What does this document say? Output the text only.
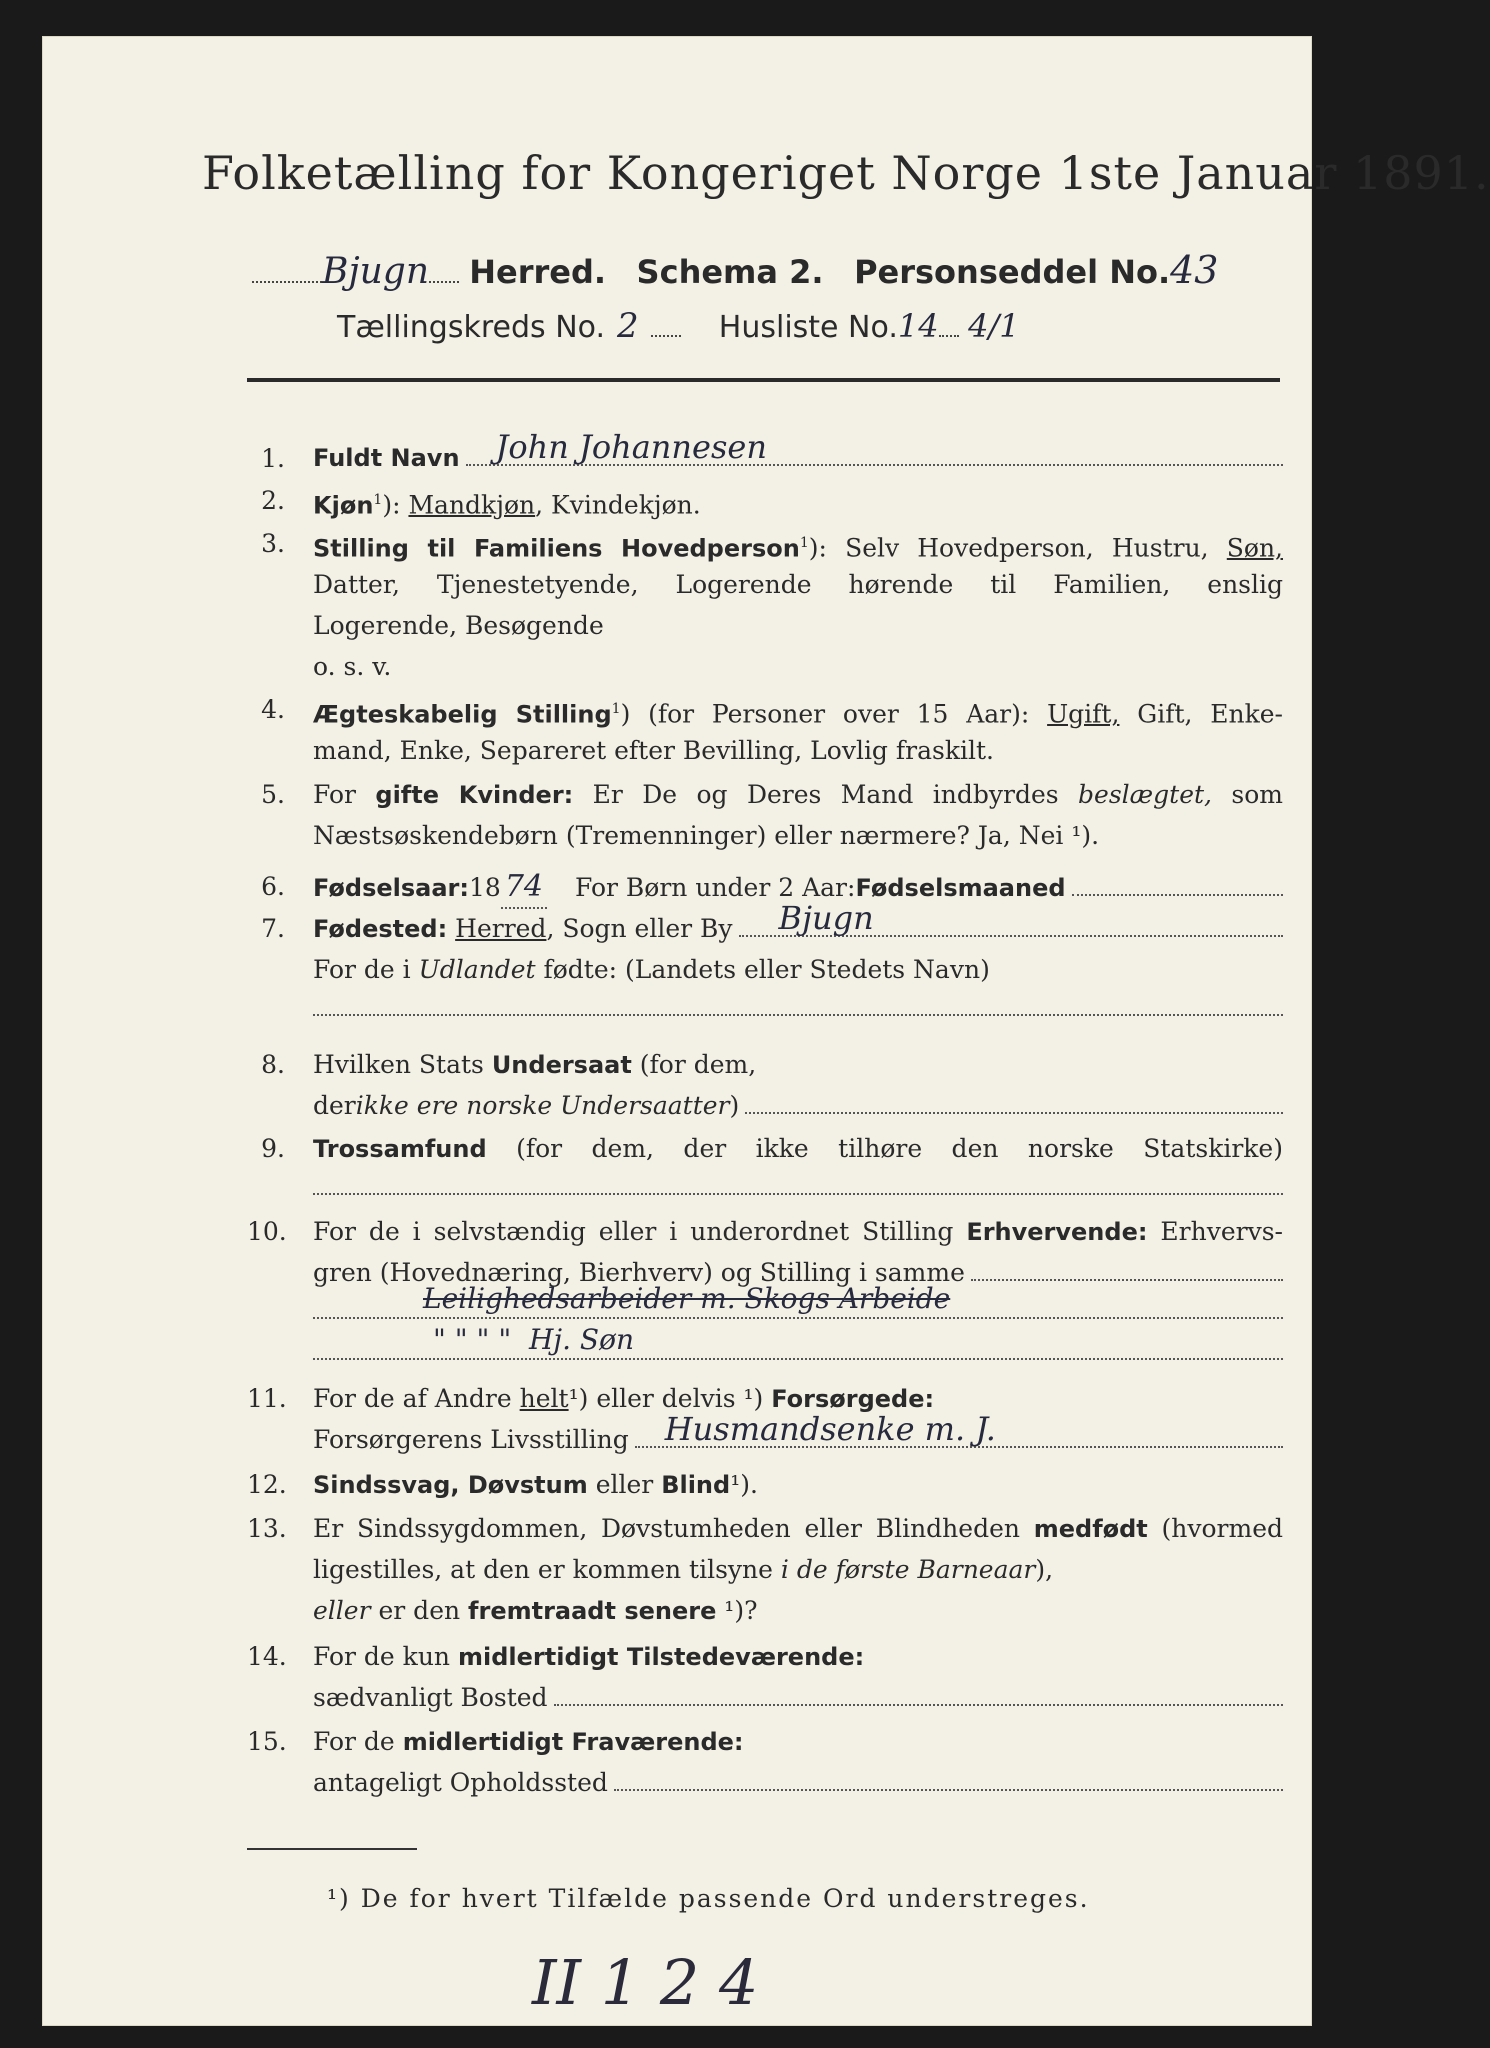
Folketælling for Kongeriget Norge 1ste Januar 1891.
Bjugn Herred. Schema 2. Personseddel No.43
Tællingskreds No. 2	Husliste No.14 4/1
1. Fuldt Navn John Johannesen
2. Kjøn$^1$): Mandkjøn, Kvindekjøn.
3. Stilling til Familiens Hovedperson$^1$): Selv Hovedperson, Hustru, Søn,
Datter, Tjenestetyende, Logerende hørende til Familien, enslig
Logerende, Besøgende
o. s. v.
4. Ægteskabelig Stilling$^1$) (for Personer over 15 Aar): Ugift, Gift, Enke-
mand, Enke, Separeret efter Bevilling, Lovlig fraskilt.
5. For gifte Kvinder: Er De og Deres Mand indbyrdes beslægtet, som
Næstsøskendebørn (Tremenninger) eller nærmere? Ja, Nei ¹).
6. Fødselsaar: 18 74 For Børn under 2 Aar: Fødselsmaaned
7. Fødested:
Herred , Sogn eller By Bjugn
For de i Udlandet fødte: (Landets eller Stedets Navn)
8. Hvilken Stats Undersaat (for dem,
der ikke ere norske Undersaatter )
9. Trossamfund (for dem, der ikke tilhøre den norske Statskirke)
10. For de i selvstændig eller i underordnet Stilling Erhvervende: Erhvervs-
gren (Hovednæring, Bierhverv) og Stilling i samme
Leilighedsarbeider m. Skogs Arbeide
" " " "  Hj. Søn
11. For de af Andre helt¹) eller delvis ¹) Forsørgede:
Forsørgerens Livsstilling Husmandsenke m. J.
12. Sindssvag, Døvstum eller Blind¹).
13. Er Sindssygdommen, Døvstumheden eller Blindheden medfødt (hvormed
ligestilles, at den er kommen tilsyne i de første Barneaar),
eller er den fremtraadt senere ¹)?
14. For de kun midlertidigt Tilstedeværende:
sædvanligt Bosted
15. For de midlertidigt Fraværende:
antageligt Opholdssted
¹) De for hvert Tilfælde passende Ord understreges.
II 1 2 4
